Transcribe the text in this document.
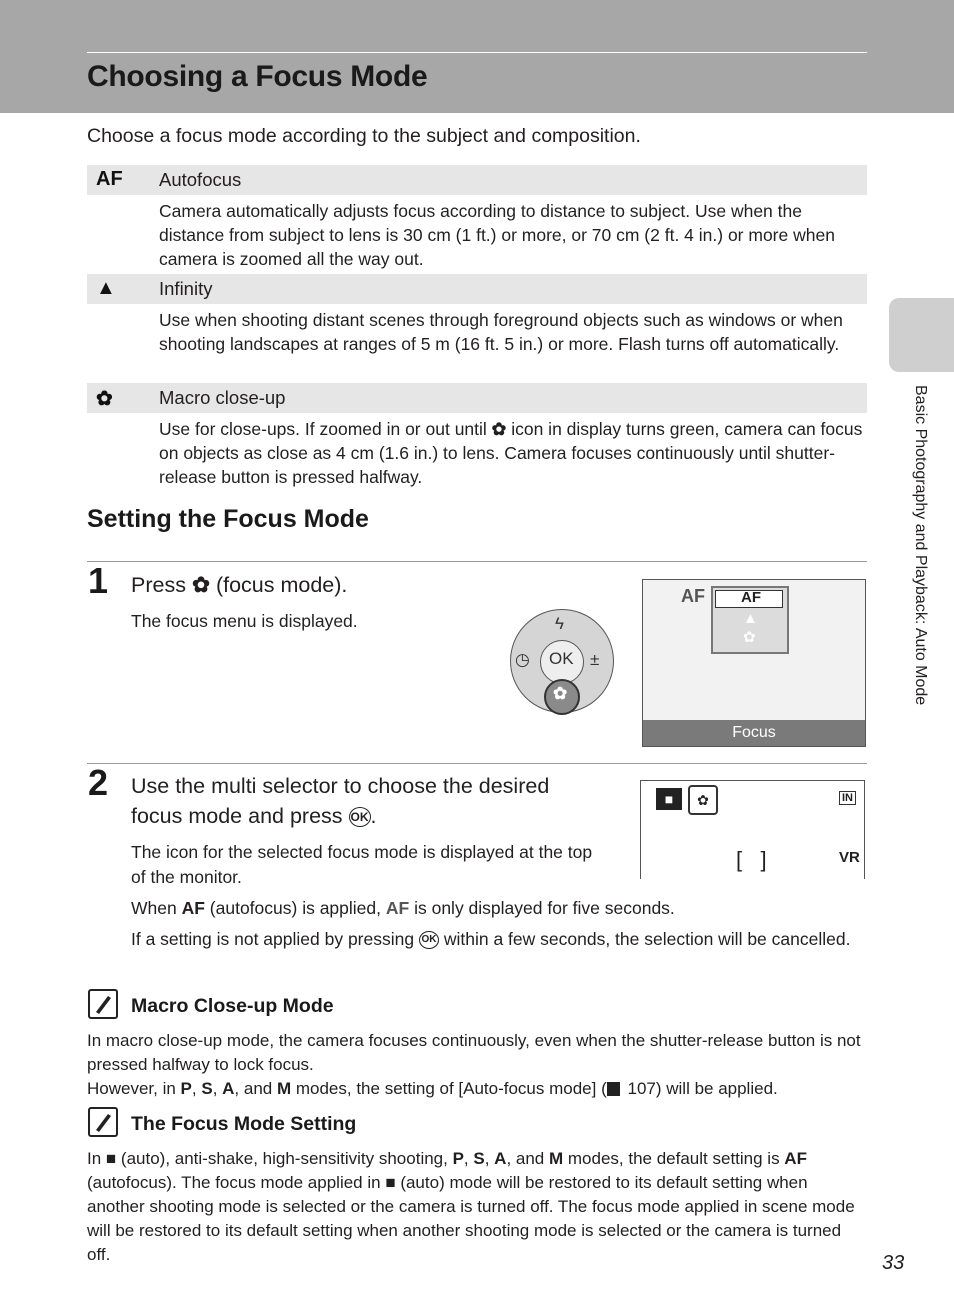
Choosing a Focus Mode
Choose a focus mode according to the subject and composition.
Basic Photography and Playback: Auto Mode
AF Autofocus
Camera automatically adjusts focus according to distance to subject. Use when the distance from subject to lens is 30 cm (1 ft.) or more, or 70 cm (2 ft. 4 in.) or more when camera is zoomed all the way out.
▲ Infinity
Use when shooting distant scenes through foreground objects such as windows or when shooting landscapes at ranges of 5 m (16 ft. 5 in.) or more. Flash turns off automatically.
✿ Macro close-up
Use for close-ups. If zoomed in or out until ✿ icon in display turns green, camera can focus on objects as close as 4 cm (1.6 in.) to lens. Camera focuses continuously until shutter-release button is pressed halfway.
Setting the Focus Mode
1 Press ✿ (focus mode).
The focus menu is displayed.
OK
ϟ
◷	±
✿
AF AF
▲
✿
Focus
2 Use the multi selector to choose the desired
focus mode and press OK.
The icon for the selected focus mode is displayed at the top of the monitor.
When AF (autofocus) is applied, AF is only displayed for five seconds.
If a setting is not applied by pressing OK within a few seconds, the selection will be cancelled.
■	✿	IN
VR
[   ]
Macro Close-up Mode
In macro close-up mode, the camera focuses continuously, even when the shutter-release button is not pressed halfway to lock focus.
However, in P, S, A, and M modes, the setting of [Auto-focus mode] ( 107) will be applied.
The Focus Mode Setting
In ■ (auto), anti-shake, high-sensitivity shooting, P, S, A, and M modes, the default setting is AF (autofocus). The focus mode applied in ■ (auto) mode will be restored to its default setting when another shooting mode is selected or the camera is turned off. The focus mode applied in scene mode will be restored to its default setting when another shooting mode is selected or the camera is turned off.	33
